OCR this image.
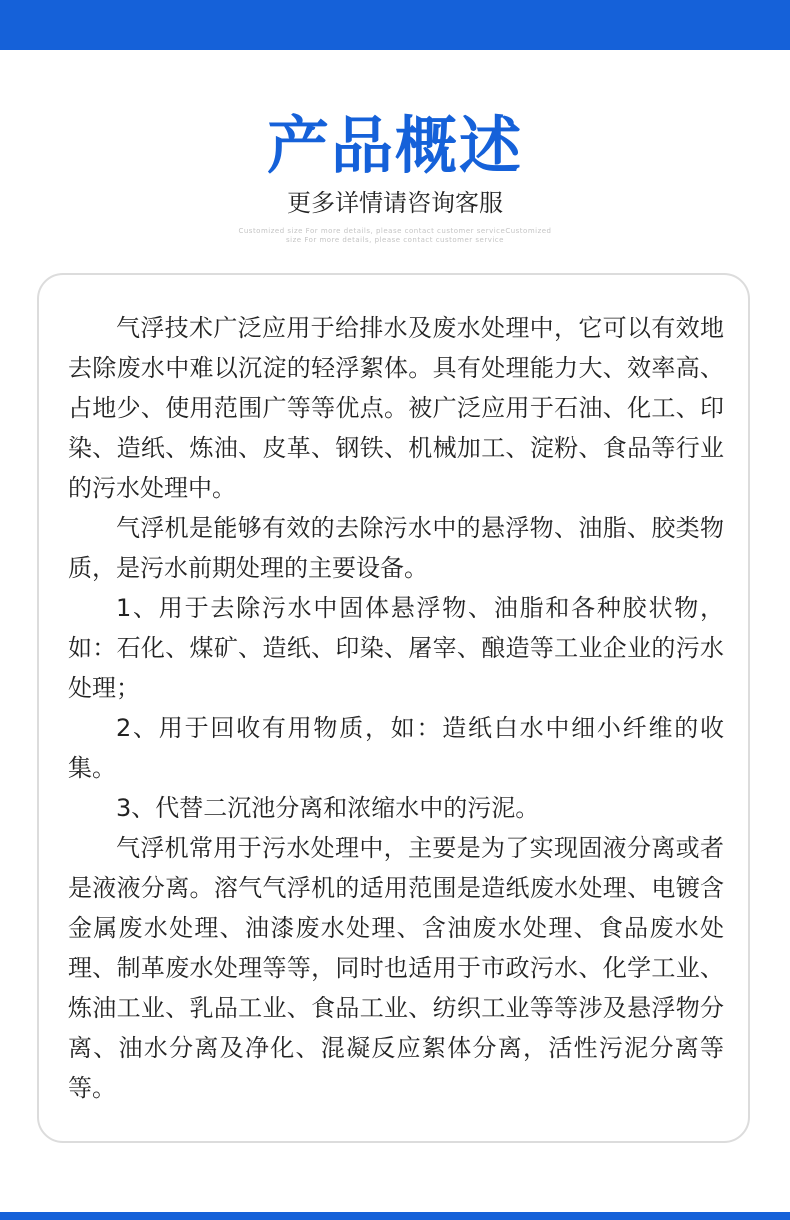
产品概述
更多详情请咨询客服
Customized size For more details, please contact customer serviceCustomized size For more details, please contact customer service

气浮技术广泛应用于给排水及废水处理中，它可以有效地去除废水中难以沉淀的轻浮絮体。具有处理能力大、效率高、占地少、使用范围广等等优点。被广泛应用于石油、化工、印染、造纸、炼油、皮革、钢铁、机械加工、淀粉、食品等行业的污水处理中。

气浮机是能够有效的去除污水中的悬浮物、油脂、胶类物质，是污水前期处理的主要设备。

1、用于去除污水中固体悬浮物、油脂和各种胶状物，如：石化、煤矿、造纸、印染、屠宰、酿造等工业企业的污水处理；

2、用于回收有用物质，如：造纸白水中细小纤维的收集。

3、代替二沉池分离和浓缩水中的污泥。

气浮机常用于污水处理中，主要是为了实现固液分离或者是液液分离。溶气气浮机的适用范围是造纸废水处理、电镀含金属废水处理、油漆废水处理、含油废水处理、食品废水处理、制革废水处理等等，同时也适用于市政污水、化学工业、炼油工业、乳品工业、食品工业、纺织工业等等涉及悬浮物分离、油水分离及净化、混凝反应絮体分离，活性污泥分离等等。
